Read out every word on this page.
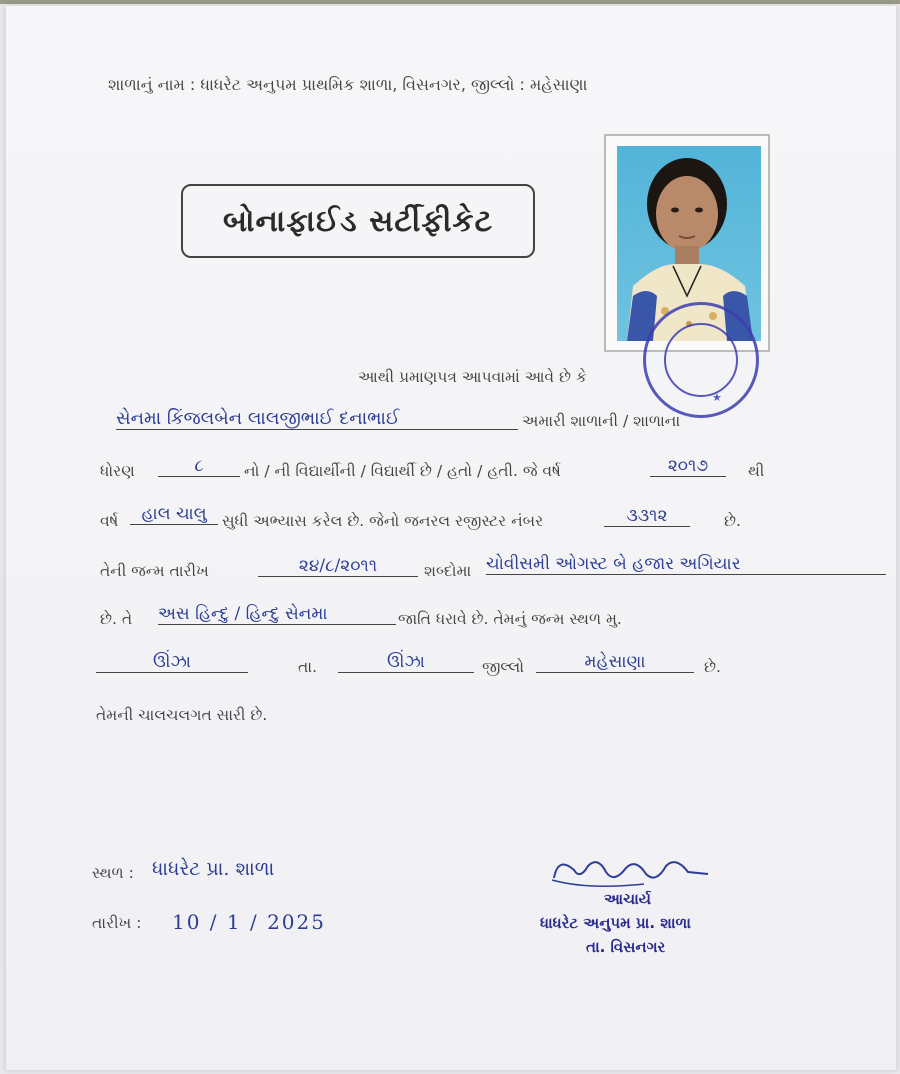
શાળાનું નામ : ધાધરેટ અનુપમ પ્રાથમિક શાળા, વિસનગર, જીલ્લો : મહેસાણા
બોનાફાઈડ સર્ટીફીકેટ
★
આથી પ્રમાણપત્ર આપવામાં આવે છે કે
સેનમા કિંજલબેન લાલજીભાઈ દનાભાઈ	અમારી શાળાની / શાળાના
ધોરણ	૮	નો / ની વિદ્યાર્થીની / વિદ્યાર્થી છે / હતો / હતી. જે વર્ષ	૨૦૧૭	થી
વર્ષ	હાલ ચાલુ સુધી અભ્યાસ કરેલ છે. જેનો જનરલ રજીસ્ટર નંબર	૩૩૧૨	છે.
તેની જન્મ તારીખ	૨૪/૮/૨૦૧૧	શબ્દોમા ચોવીસમી ઓગસ્ટ બે હજાર અગિયાર
છે. તે અસ હિન્દુ / હિન્દુ સેનમા	જાતિ ધરાવે છે. તેમનું જન્મ સ્થળ મુ.
ઊંઝા	તા.	ઊંઝા	જીલ્લો	મહેસાણા	છે.
તેમની ચાલચલગત સારી છે.
સ્થળ : ધાધરેટ પ્રા. શાળા
તારીખ : 10 / 1 / 2025
આચાર્ય
ધાધરેટ અનુપમ પ્રા. શાળા
તા. વિસનગર
